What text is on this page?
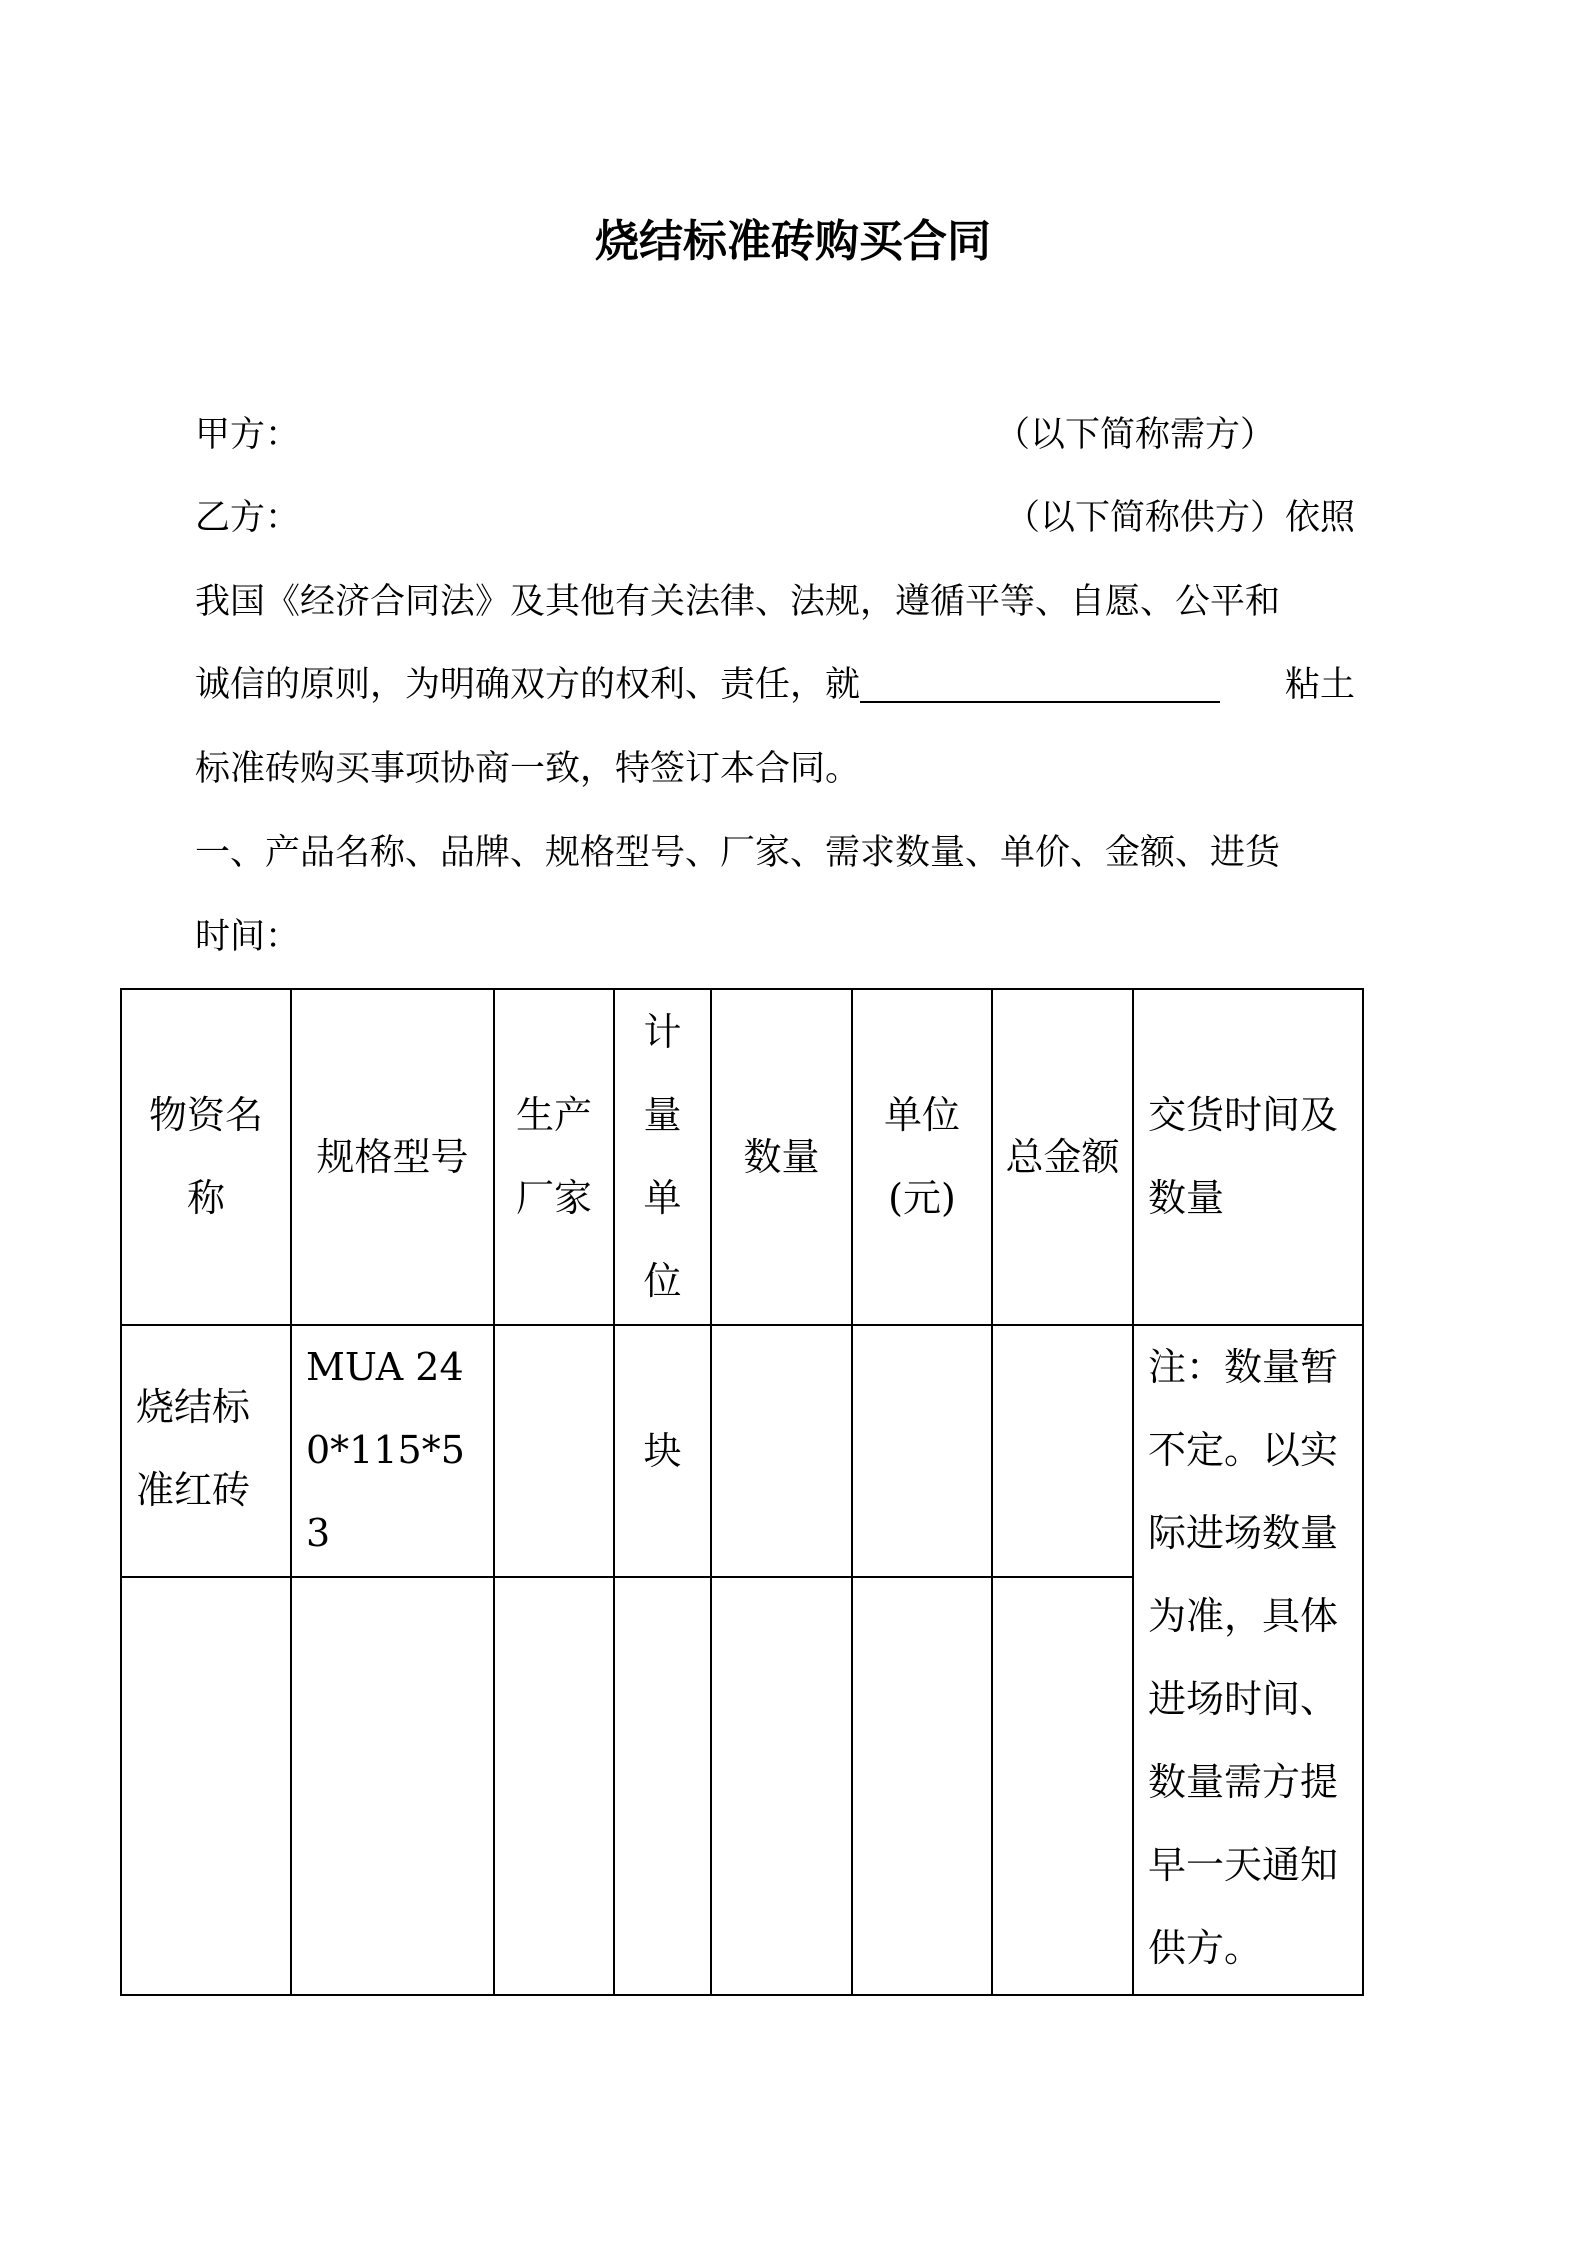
烧结标准砖购买合同
甲方：	（以下简称需方）
乙方：	（以下简称供方）依照
我国《经济合同法》及其他有关法律、法规，遵循平等、自愿、公平和
诚信的原则，为明确双方的权利、责任，就	粘土
标准砖购买事项协商一致，特签订本合同。
一、产品名称、品牌、规格型号、厂家、需求数量、单价、金额、进货
时间：
物资名称	规格型号	生产厂家	计量单位	数量	单位(元)	总金额	交货时间及数量

烧结标准红砖	MUA 240*115*53		块				注：数量暂不定。以实际进场数量为准，具体进场时间、数量需方提早一天通知供方。
